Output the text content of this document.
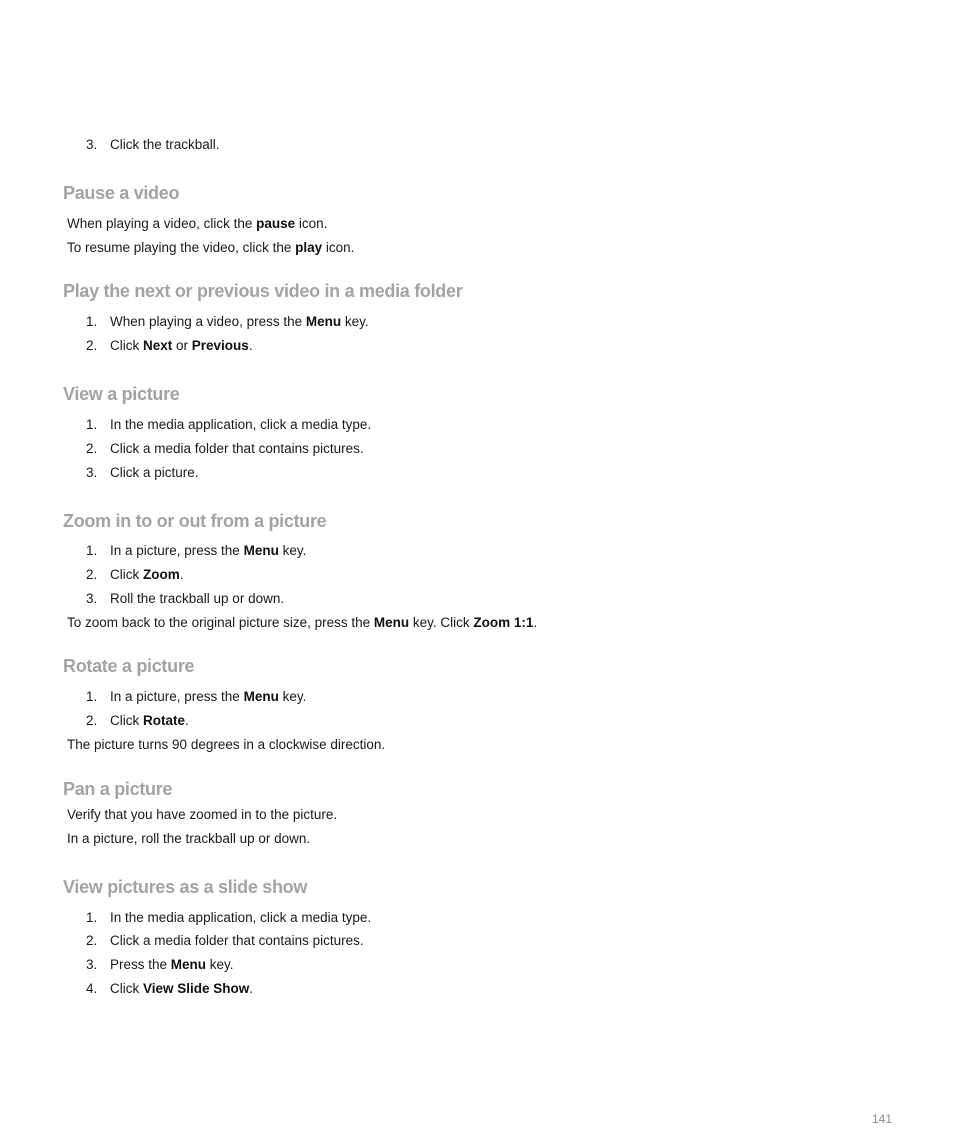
3. Click the trackball.

Pause a video

When playing a video, click the pause icon.

To resume playing the video, click the play icon.

Play the next or previous video in a media folder

1. When playing a video, press the Menu key.

2. Click Next or Previous.

View a picture

1. In the media application, click a media type.

2. Click a media folder that contains pictures.

3. Click a picture.

Zoom in to or out from a picture

1. In a picture, press the Menu key.

2. Click Zoom.

3. Roll the trackball up or down.

To zoom back to the original picture size, press the Menu key. Click Zoom 1:1.

Rotate a picture

1. In a picture, press the Menu key.

2. Click Rotate.

The picture turns 90 degrees in a clockwise direction.

Pan a picture

Verify that you have zoomed in to the picture.

In a picture, roll the trackball up or down.

View pictures as a slide show

1. In the media application, click a media type.

2. Click a media folder that contains pictures.

3. Press the Menu key.

4. Click View Slide Show.

141
